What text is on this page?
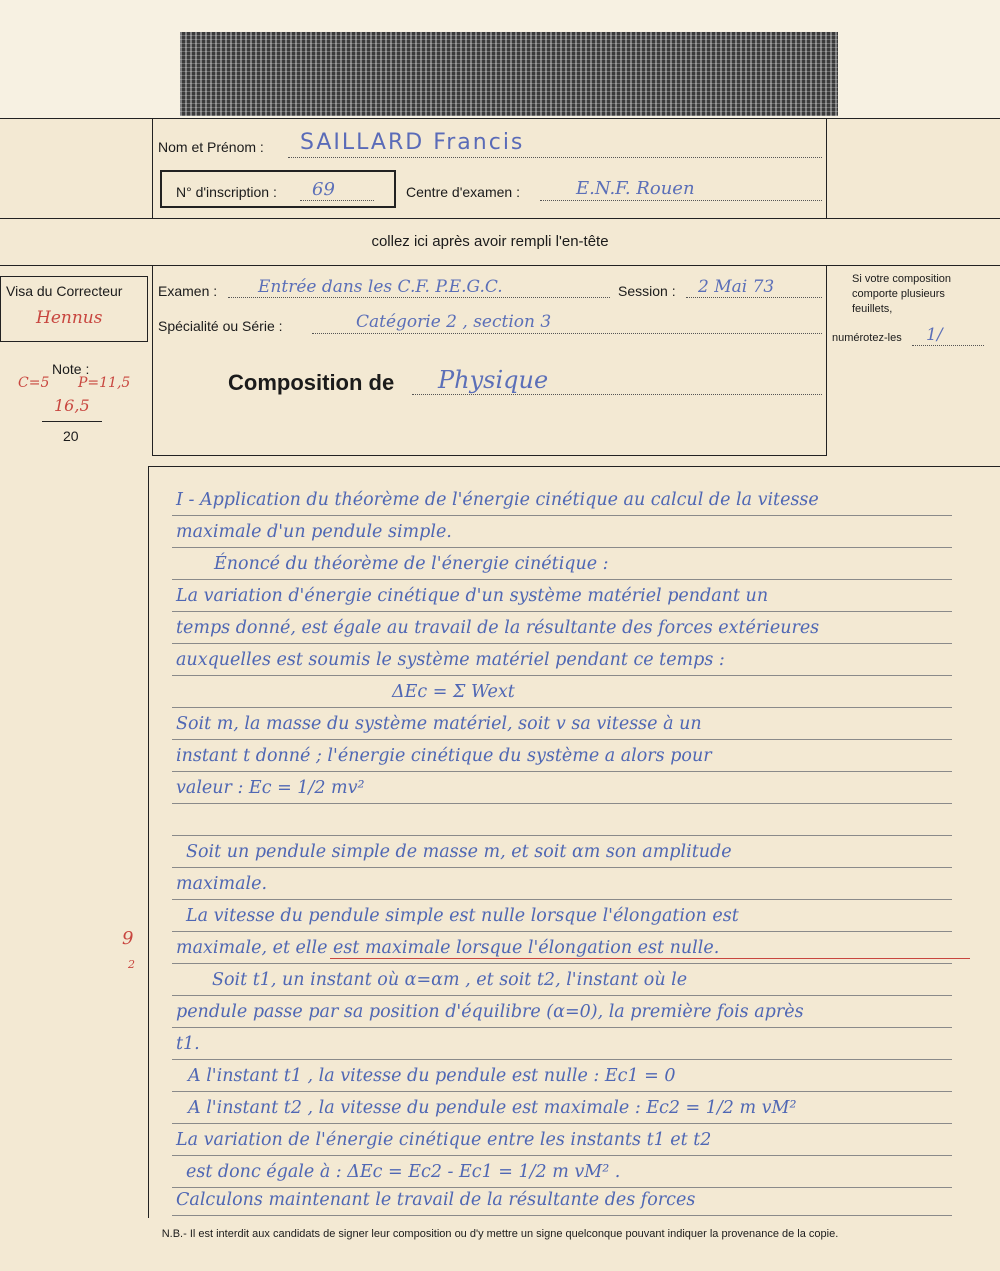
Nom et Prénom : SAILLARD Francis
N° d'inscription : 69	Centre d'examen :	E.N.F. Rouen
collez ici après avoir rempli l'en-tête
Visa du Correcteur
Hennus
Note :
C=5 P=11,5
16,5
20
Examen : Entrée dans les C.F. P.E.G.C.	Session : 2 Mai 73
Spécialité ou Série :	Catégorie 2 , section 3
Composition de Physique
Si votre composition comporte plusieurs feuillets,
numérotez-les 1/
9
2
I - Application du théorème de l'énergie cinétique au calcul de la vitesse
maximale d'un pendule simple.
Énoncé du théorème de l'énergie cinétique :
La variation d'énergie cinétique d'un système matériel pendant un
temps donné, est égale au travail de la résultante des forces extérieures
auxquelles est soumis le système matériel pendant ce temps :
ΔEc = Σ Wext
Soit m, la masse du système matériel, soit v sa vitesse à un
instant t donné ; l'énergie cinétique du système a alors pour
valeur : Ec = 1/2 mv²
Soit un pendule simple de masse m, et soit αm son amplitude
maximale.
La vitesse du pendule simple est nulle lorsque l'élongation est
maximale, et elle est maximale lorsque l'élongation est nulle.
Soit t1, un instant où α=αm , et soit t2, l'instant où le
pendule passe par sa position d'équilibre (α=0), la première fois après
t1.
A l'instant t1 , la vitesse du pendule est nulle : Ec1 = 0
A l'instant t2 , la vitesse du pendule est maximale : Ec2 = 1/2 m vM²
La variation de l'énergie cinétique entre les instants t1 et t2
est donc égale à : ΔEc = Ec2 - Ec1 = 1/2 m vM² .
Calculons maintenant le travail de la résultante des forces
N.B.- Il est interdit aux candidats de signer leur composition ou d'y mettre un signe quelconque pouvant indiquer la provenance de la copie.
